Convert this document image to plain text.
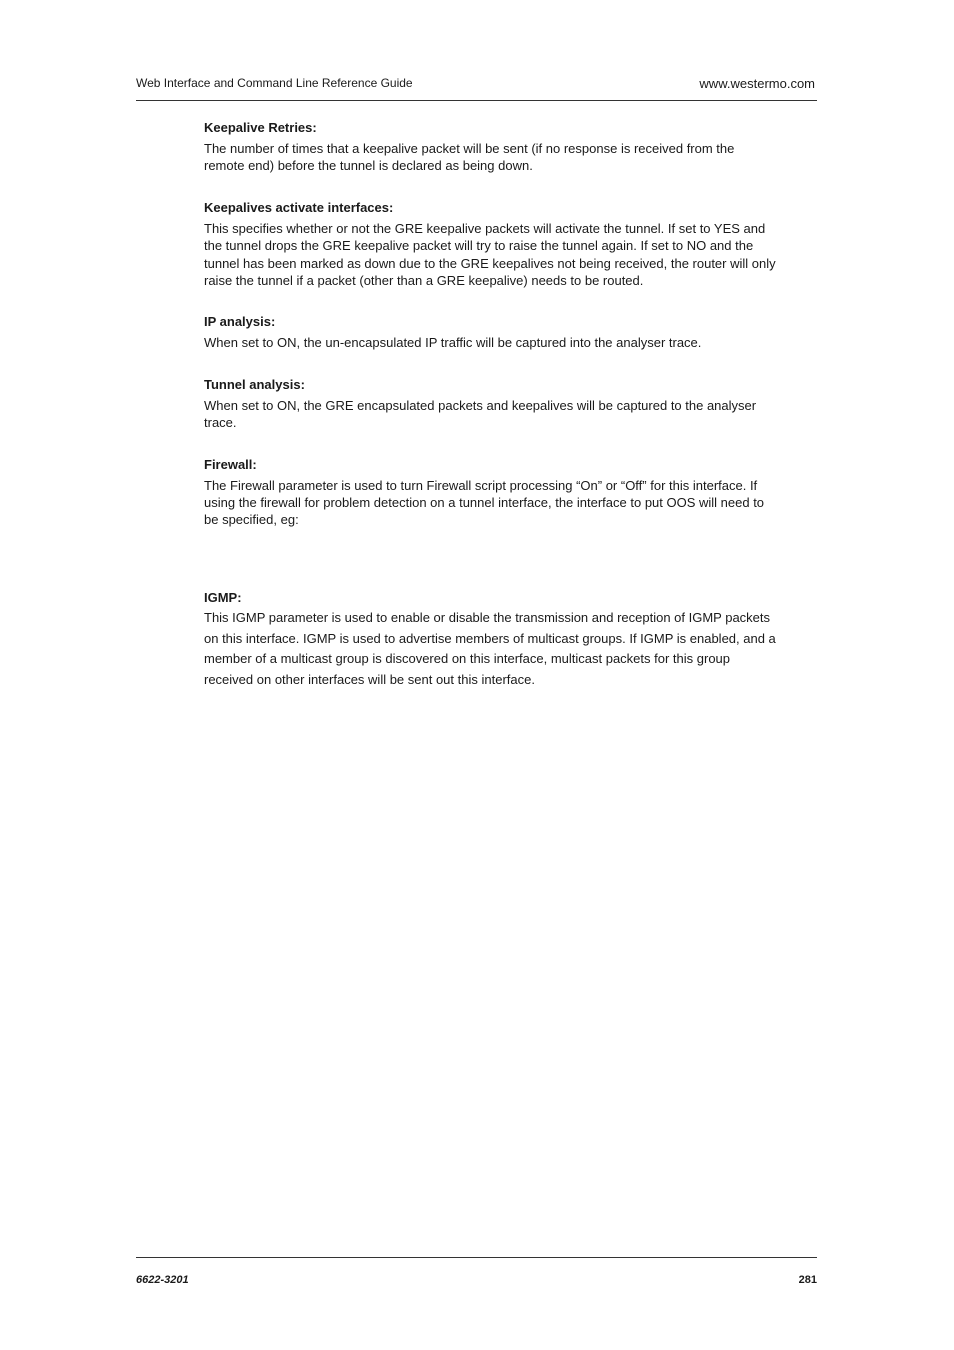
Web Interface and Command Line Reference Guide	www.westermo.com

Keepalive Retries:

The number of times that a keepalive packet will be sent (if no response is received from the remote end) before the tunnel is declared as being down.

Keepalives activate interfaces:

This specifies whether or not the GRE keepalive packets will activate the tunnel. If set to YES and the tunnel drops the GRE keepalive packet will try to raise the tunnel again. If set to NO and the tunnel has been marked as down due to the GRE keepalives not being received, the router will only raise the tunnel if a packet (other than a GRE keepalive) needs to be routed.

IP analysis:

When set to ON, the un-encapsulated IP traffic will be captured into the analyser trace.

Tunnel analysis:

When set to ON, the GRE encapsulated packets and keepalives will be captured to the analyser trace.

Firewall:

The Firewall parameter is used to turn Firewall script processing “On” or “Off” for this interface. If using the firewall for problem detection on a tunnel interface, the interface to put OOS will need to be specified, eg:

IGMP:

This IGMP parameter is used to enable or disable the transmission and reception of IGMP packets on this interface. IGMP is used to advertise members of multicast groups. If IGMP is enabled, and a member of a multicast group is discovered on this interface, multicast packets for this group received on other interfaces will be sent out this interface.

6622-3201	281
